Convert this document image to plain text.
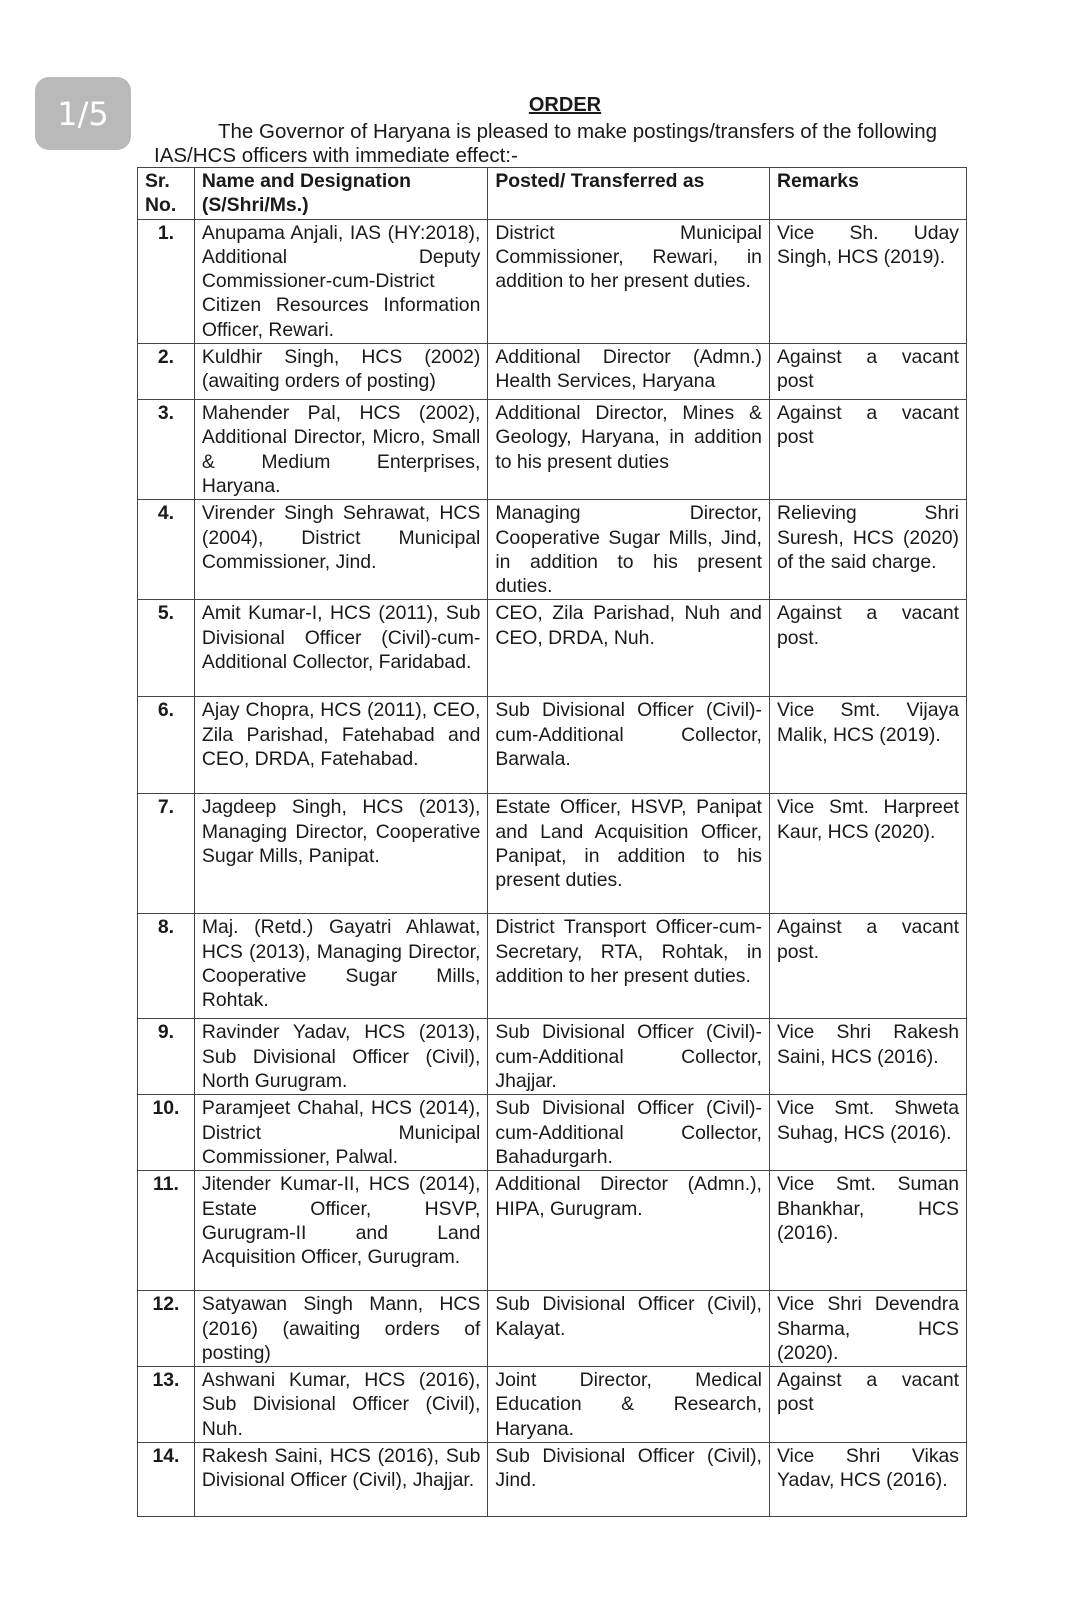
1/5	ORDER
The Governor of Haryana is pleased to make postings/transfers of the following
IAS/HCS officers with immediate effect:-
Sr. No.	Name and Designation (S/Shri/Ms.)	Posted/ Transferred as	Remarks
1.	Anupama Anjali, IAS (HY:2018), Additional Deputy Commissioner-cum-District Citizen Resources Information Officer, Rewari.	District Municipal Commissioner, Rewari, in addition to her present duties.	Vice Sh. Uday Singh, HCS (2019).
2.	Kuldhir Singh, HCS (2002) (awaiting orders of posting)	Additional Director (Admn.) Health Services, Haryana	Against a vacant post
3.	Mahender Pal, HCS (2002), Additional Director, Micro, Small & Medium Enterprises, Haryana.	Additional Director, Mines & Geology, Haryana, in addition to his present duties	Against a vacant post
4.	Virender Singh Sehrawat, HCS (2004), District Municipal Commissioner, Jind.	Managing Director, Cooperative Sugar Mills, Jind, in addition to his present duties.	Relieving Shri Suresh, HCS (2020) of the said charge.
5.	Amit Kumar-I, HCS (2011), Sub Divisional Officer (Civil)-cum-Additional Collector, Faridabad.	CEO, Zila Parishad, Nuh and CEO, DRDA, Nuh.	Against a vacant post.
6.	Ajay Chopra, HCS (2011), CEO, Zila Parishad, Fatehabad and CEO, DRDA, Fatehabad.	Sub Divisional Officer (Civil)-cum-Additional Collector, Barwala.	Vice Smt. Vijaya Malik, HCS (2019).
7.	Jagdeep Singh, HCS (2013), Managing Director, Cooperative Sugar Mills, Panipat.	Estate Officer, HSVP, Panipat and Land Acquisition Officer, Panipat, in addition to his present duties.	Vice Smt. Harpreet Kaur, HCS (2020).
8.	Maj. (Retd.) Gayatri Ahlawat, HCS (2013), Managing Director, Cooperative Sugar Mills, Rohtak.	District Transport Officer-cum-Secretary, RTA, Rohtak, in addition to her present duties.	Against a vacant post.
9.	Ravinder Yadav, HCS (2013), Sub Divisional Officer (Civil), North Gurugram.	Sub Divisional Officer (Civil)-cum-Additional Collector, Jhajjar.	Vice Shri Rakesh Saini, HCS (2016).
10.	Paramjeet Chahal, HCS (2014), District Municipal Commissioner, Palwal.	Sub Divisional Officer (Civil)-cum-Additional Collector, Bahadurgarh.	Vice Smt. Shweta Suhag, HCS (2016).
11.	Jitender Kumar-II, HCS (2014), Estate Officer, HSVP, Gurugram-II and Land Acquisition Officer, Gurugram.	Additional Director (Admn.), HIPA, Gurugram.	Vice Smt. Suman Bhankhar, HCS (2016).
12.	Satyawan Singh Mann, HCS (2016) (awaiting orders of posting)	Sub Divisional Officer (Civil), Kalayat.	Vice Shri Devendra Sharma, HCS (2020).
13.	Ashwani Kumar, HCS (2016), Sub Divisional Officer (Civil), Nuh.	Joint Director, Medical Education & Research, Haryana.	Against a vacant post
14.	Rakesh Saini, HCS (2016), Sub Divisional Officer (Civil), Jhajjar.	Sub Divisional Officer (Civil), Jind.	Vice Shri Vikas Yadav, HCS (2016).
